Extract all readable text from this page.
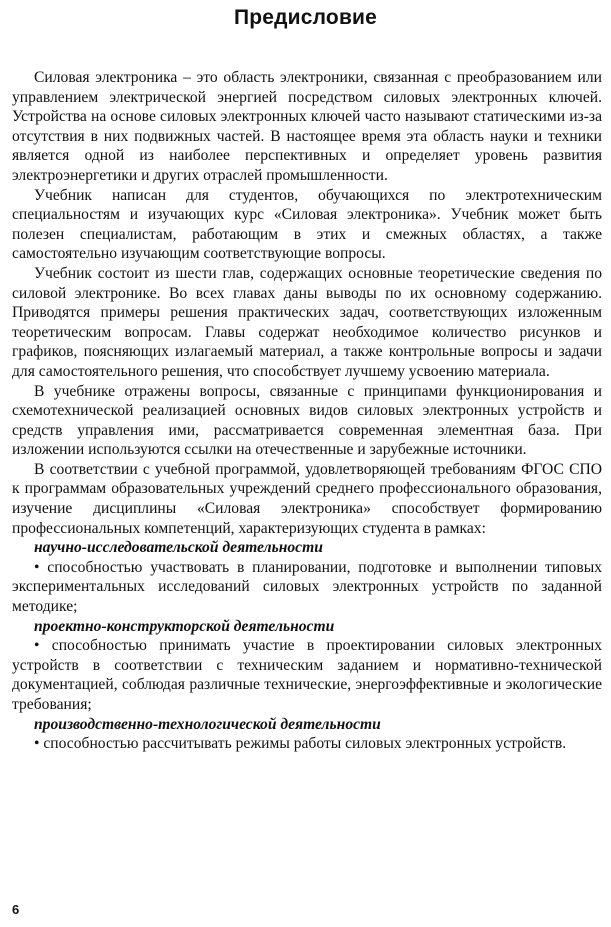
Предисловие

Силовая электроника – это область электроники, связанная с преобразованием или управлением электрической энергией посредством силовых электронных ключей. Устройства на основе силовых электронных ключей часто называют статическими из-за отсутствия в них подвижных частей. В настоящее время эта область науки и техники является одной из наиболее перспективных и определяет уровень развития электроэнергетики и других отраслей промышленности.

Учебник написан для студентов, обучающихся по электротехническим специальностям и изучающих курс «Силовая электроника». Учебник может быть полезен специалистам, работающим в этих и смежных областях, а также самостоятельно изучающим соответствующие вопросы.

Учебник состоит из шести глав, содержащих основные теоретические сведения по силовой электронике. Во всех главах даны выводы по их основному содержанию. Приводятся примеры решения практических задач, соответствующих изложенным теоретическим вопросам. Главы содержат необходимое количество рисунков и графиков, поясняющих излагаемый материал, а также контрольные вопросы и задачи для самостоятельного решения, что способствует лучшему усвоению материала.

В учебнике отражены вопросы, связанные с принципами функционирования и схемотехнической реализацией основных видов силовых электронных устройств и средств управления ими, рассматривается современная элементная база. При изложении используются ссылки на отечественные и зарубежные источники.

В соответствии с учебной программой, удовлетворяющей требованиям ФГОС СПО к программам образовательных учреждений среднего профессионального образования, изучение дисциплины «Силовая электроника» способствует формированию профессиональных компетенций, характеризующих студента в рамках:

научно-исследовательской деятельности

• способностью участвовать в планировании, подготовке и выполнении типовых экспериментальных исследований силовых электронных устройств по заданной методике;

проектно-конструкторской деятельности

• способностью принимать участие в проектировании силовых электронных устройств в соответствии с техническим заданием и нормативно-технической документацией, соблюдая различные технические, энергоэффективные и экологические требования;

производственно-технологической деятельности

• способностью рассчитывать режимы работы силовых электронных устройств.

6
